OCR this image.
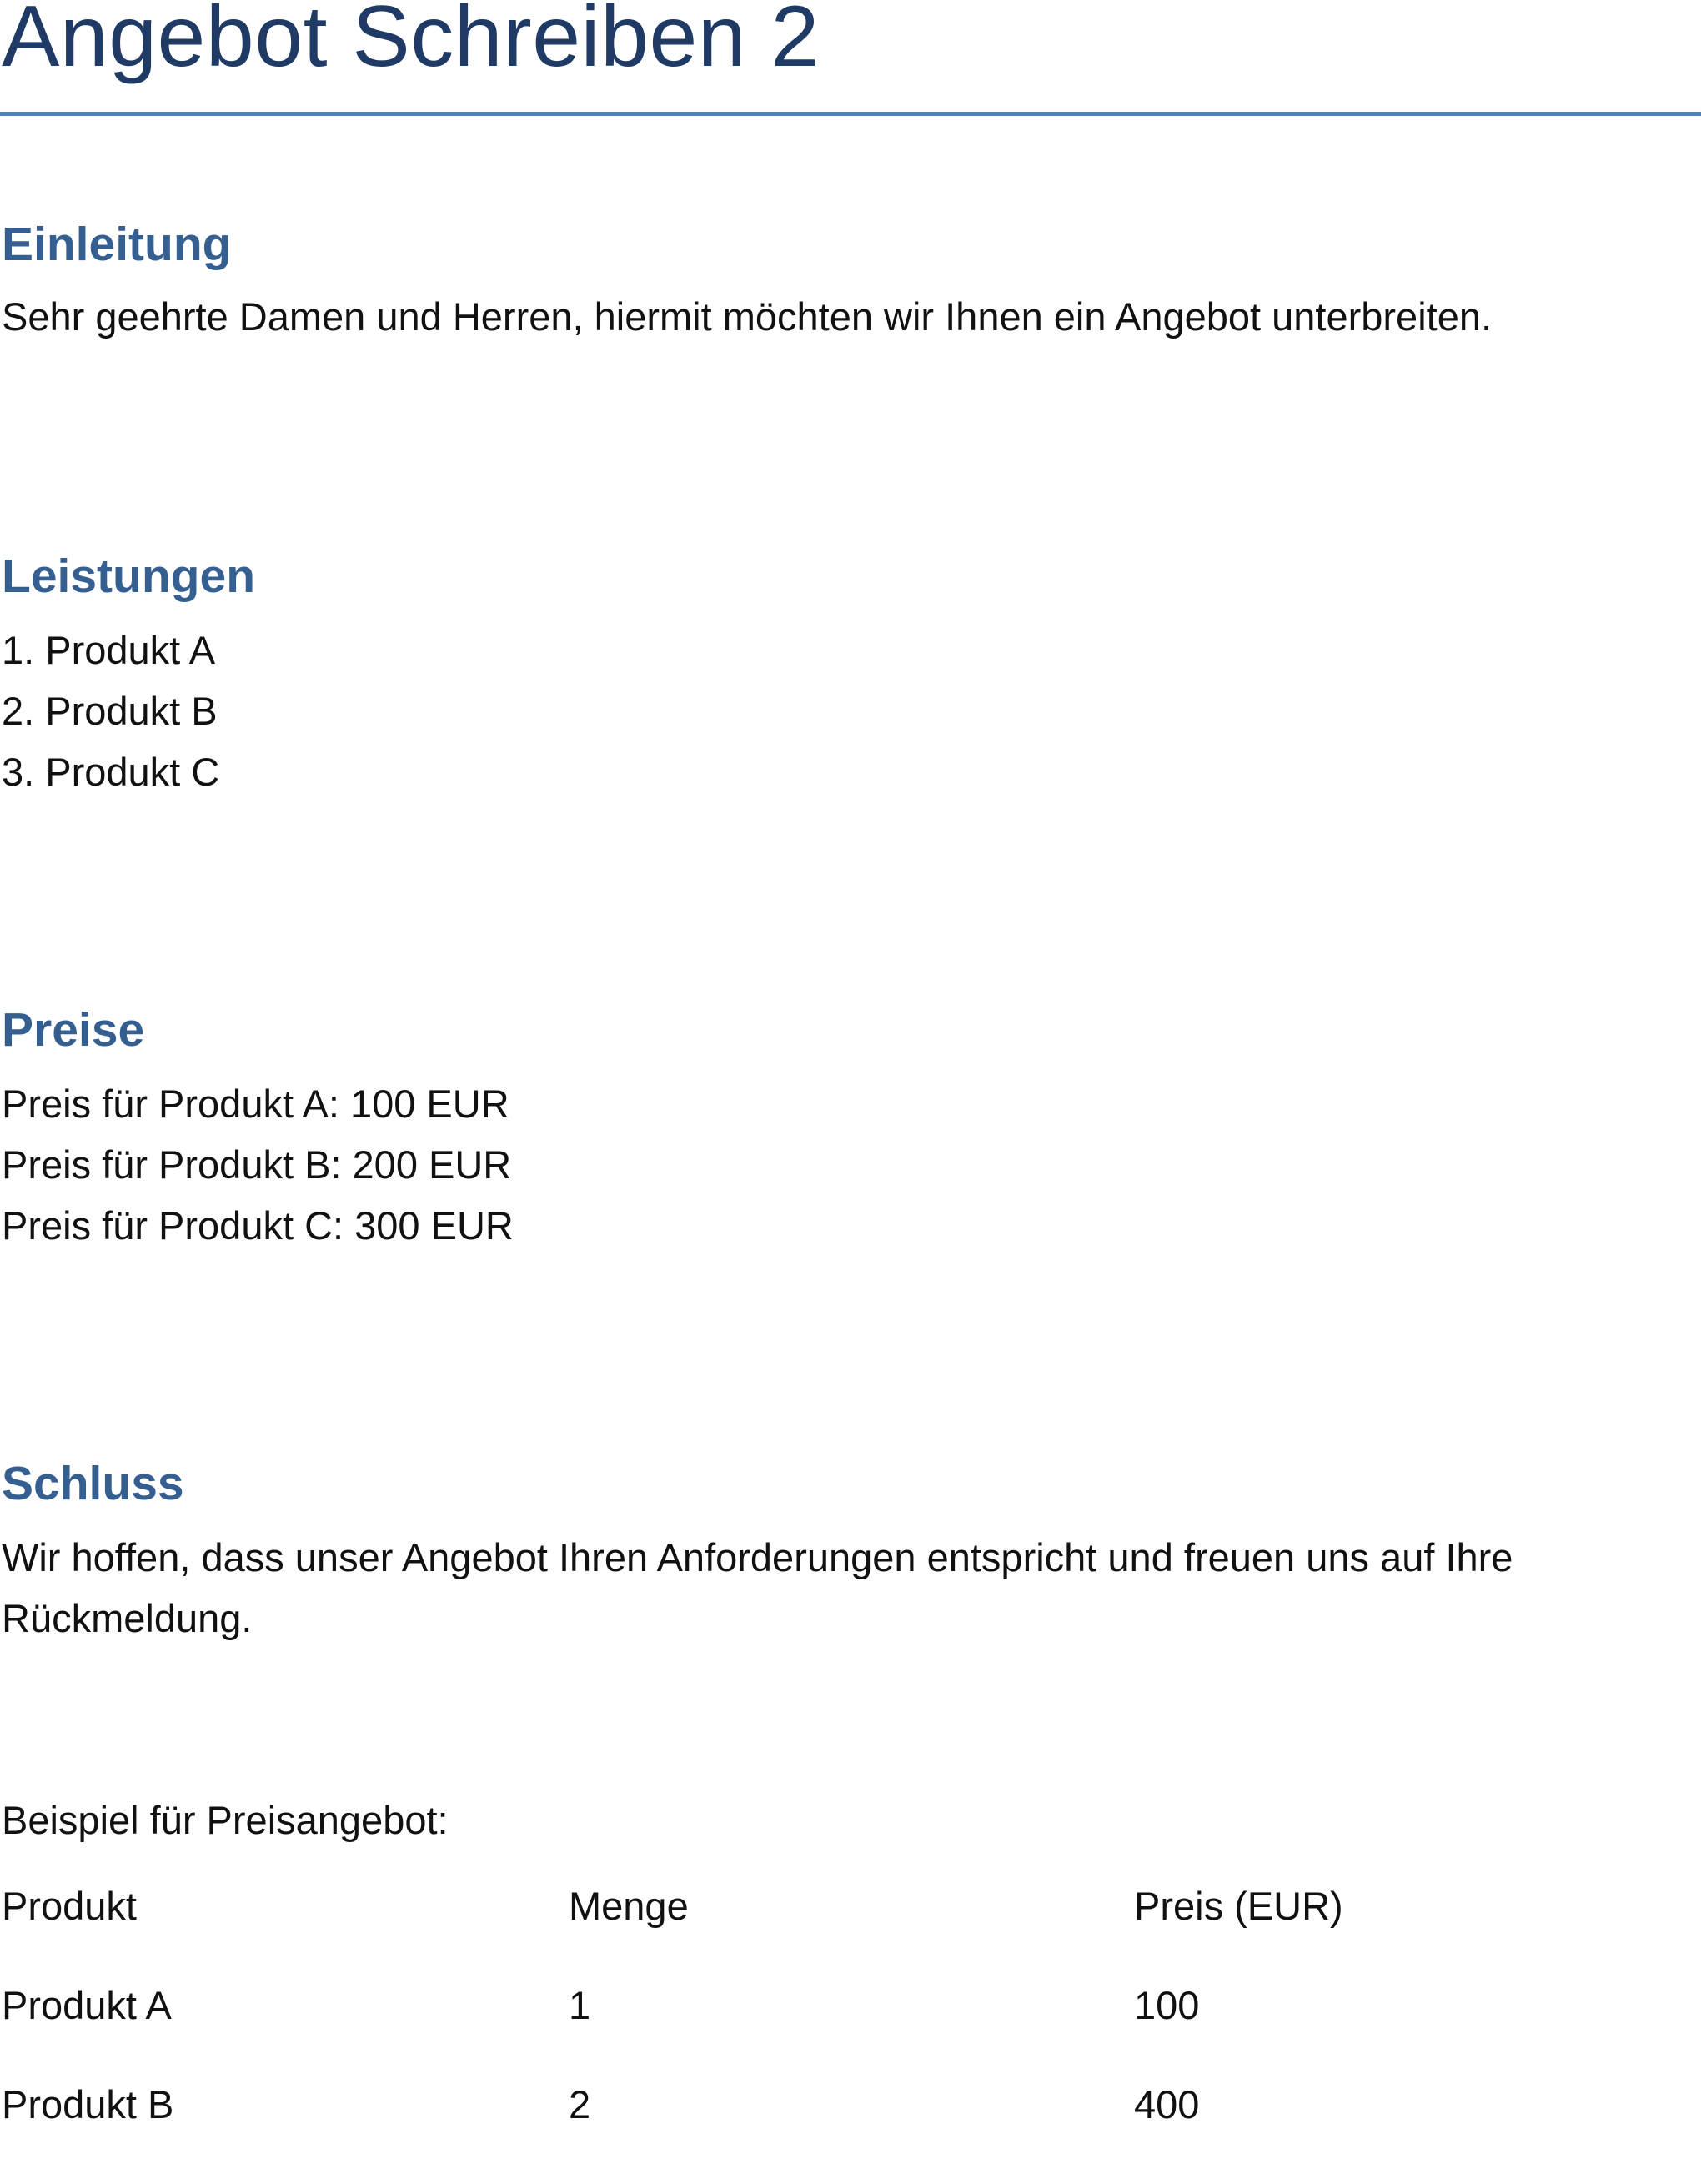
Angebot Schreiben 2
Einleitung
Sehr geehrte Damen und Herren, hiermit möchten wir Ihnen ein Angebot unterbreiten.
Leistungen
1. Produkt A
2. Produkt B
3. Produkt C
Preise
Preis für Produkt A: 100 EUR
Preis für Produkt B: 200 EUR
Preis für Produkt C: 300 EUR
Schluss

Wir hoffen, dass unser Angebot Ihren Anforderungen entspricht und freuen uns auf Ihre Rückmeldung.

Beispiel für Preisangebot:
Produkt	Menge	Preis (EUR)
Produkt A	1	100
Produkt B	2	400
